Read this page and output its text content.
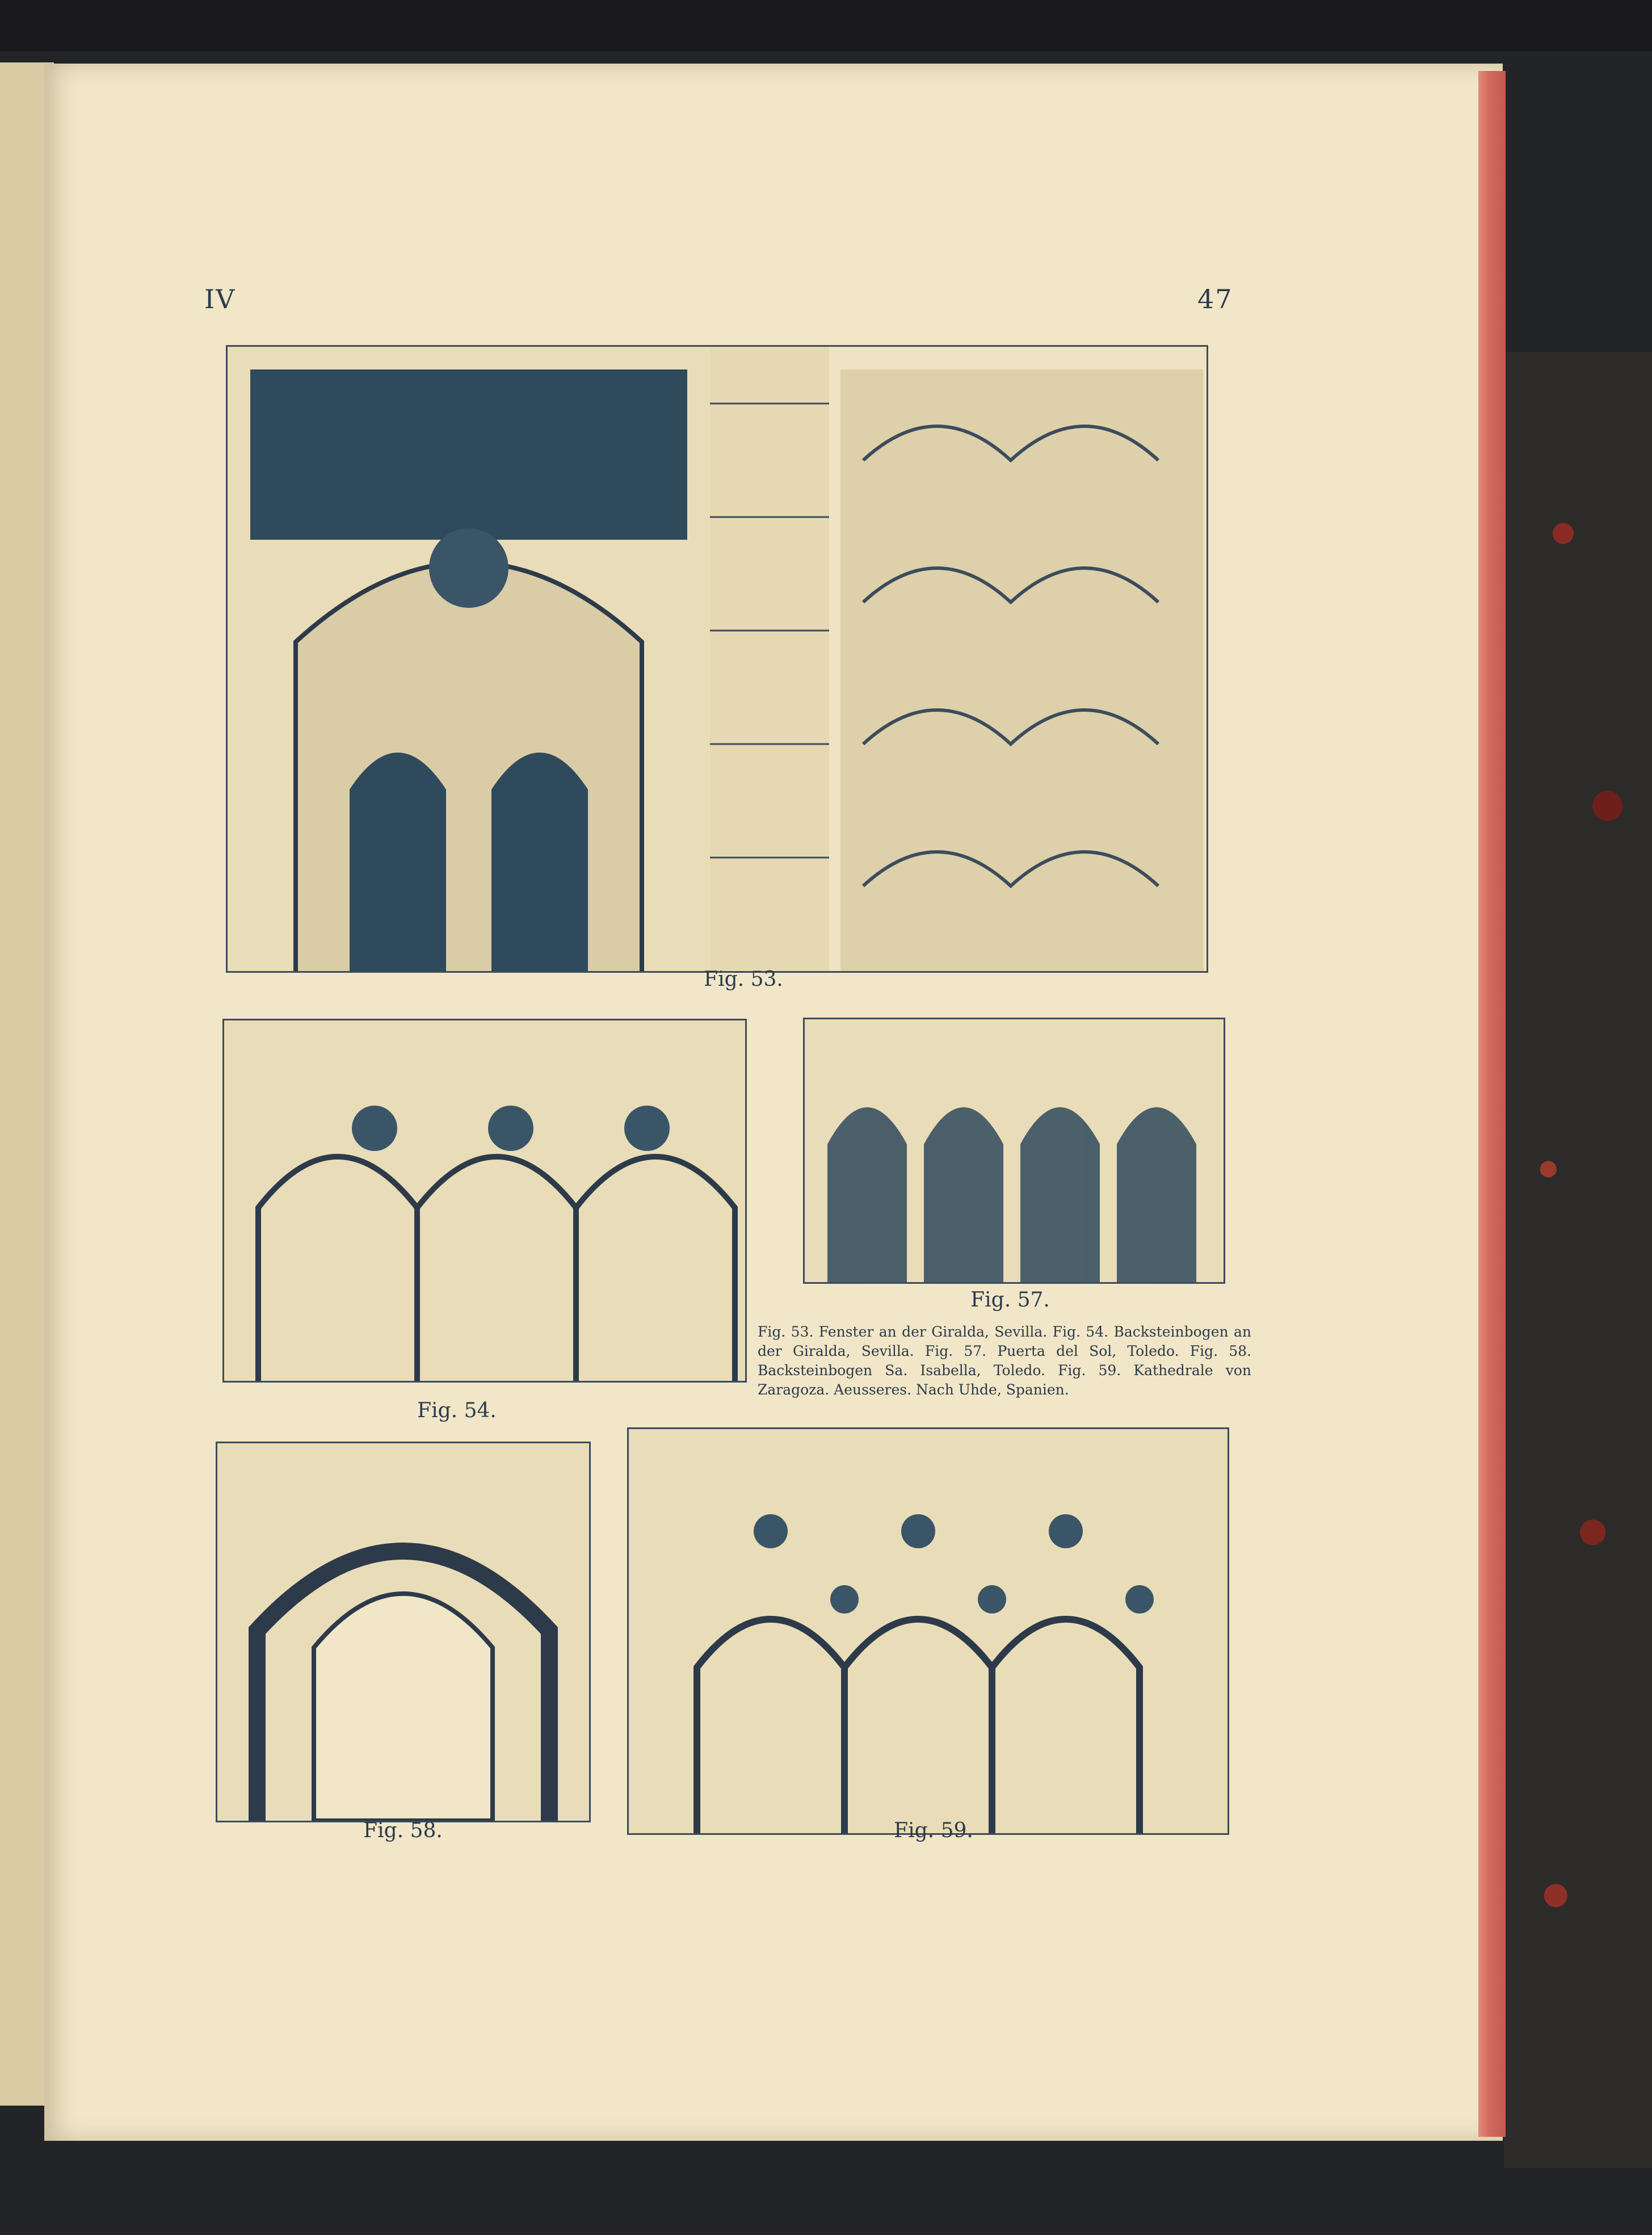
IV	47
Fig. 53.
Fig. 54.
Fig. 57.
Fig. 53. Fenster an der Giralda, Sevilla. Fig. 54. Backsteinbogen an der Giralda, Sevilla. Fig. 57. Puerta del Sol, Toledo. Fig. 58. Backsteinbogen Sa. Isabella, Toledo. Fig. 59. Kathedrale von Zaragoza. Aeusseres. Nach Uhde, Spanien.
Fig. 58.	Fig. 59.
